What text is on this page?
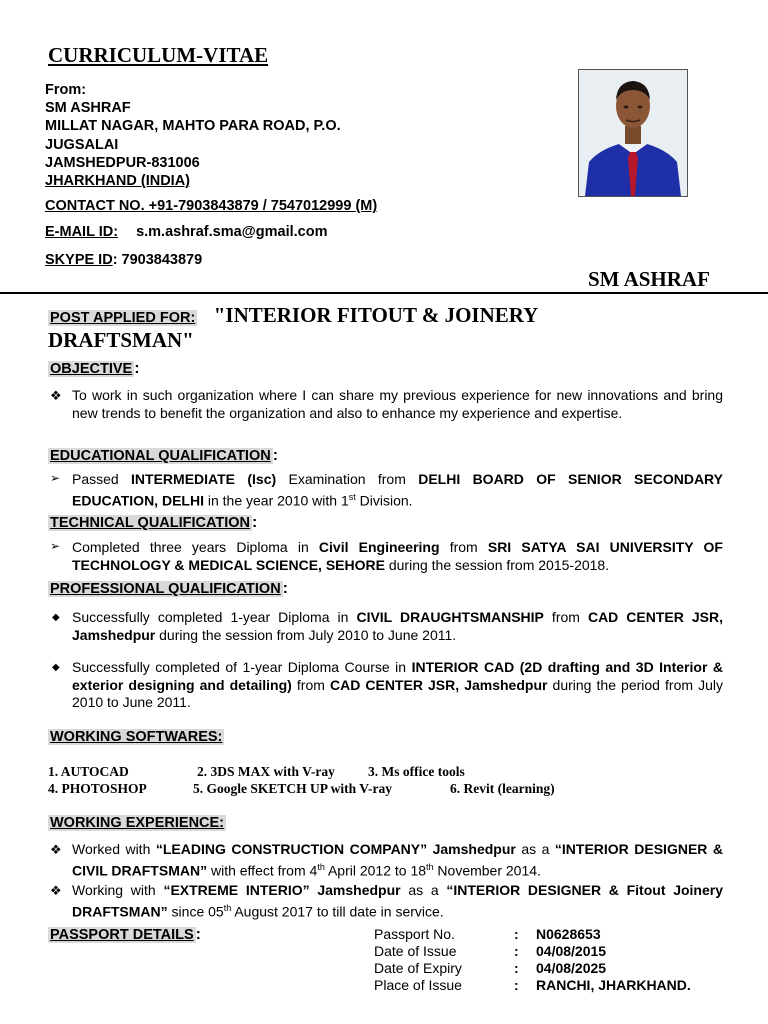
CURRICULUM-VITAE
From:
SM ASHRAF
MILLAT NAGAR, MAHTO PARA ROAD, P.O.
JUGSALAI
JAMSHEDPUR-831006
JHARKHAND (INDIA)
CONTACT NO. +91-7903843879 / 7547012999 (M)
E-MAIL ID: s.m.ashraf.sma@gmail.com
SKYPE ID: 7903843879
SM ASHRAF
POST APPLIED FOR: "INTERIOR FITOUT & JOINERY
DRAFTSMAN"
OBJECTIVE :
❖ To work in such organization where I can share my previous experience for new innovations and bring new trends to benefit the organization and also to enhance my experience and expertise.
EDUCATIONAL QUALIFICATION :
➢ Passed INTERMEDIATE (Isc) Examination from DELHI BOARD OF SENIOR SECONDARY EDUCATION, DELHI in the year 2010 with 1st Division.
TECHNICAL QUALIFICATION :
➢ Completed three years Diploma in Civil Engineering from SRI SATYA SAI UNIVERSITY OF TECHNOLOGY & MEDICAL SCIENCE, SEHORE during the session from 2015-2018.
PROFESSIONAL QUALIFICATION :
◆ Successfully completed 1-year Diploma in CIVIL DRAUGHTSMANSHIP from CAD CENTER JSR, Jamshedpur during the session from July 2010 to June 2011.
◆ Successfully completed of 1-year Diploma Course in INTERIOR CAD (2D drafting and 3D Interior & exterior designing and detailing) from CAD CENTER JSR, Jamshedpur during the period from July 2010 to June 2011.
WORKING SOFTWARES:
1. AUTOCAD	2. 3DS MAX with V-ray 3. Ms office tools
4. PHOTOSHOP	5. Google SKETCH UP with V-ray	6. Revit (learning)
WORKING EXPERIENCE:
❖ Worked with “LEADING CONSTRUCTION COMPANY” Jamshedpur as a “INTERIOR DESIGNER & CIVIL DRAFTSMAN” with effect from 4th April 2012 to 18th November 2014.
❖ Working with “EXTREME INTERIO” Jamshedpur as a “INTERIOR DESIGNER & Fitout Joinery DRAFTSMAN” since 05th August 2017 to till date in service.
PASSPORT DETAILS :	Passport No.	: N0628653
Date of Issue	: 04/08/2015
Date of Expiry	: 04/08/2025
Place of Issue	: RANCHI, JHARKHAND.
